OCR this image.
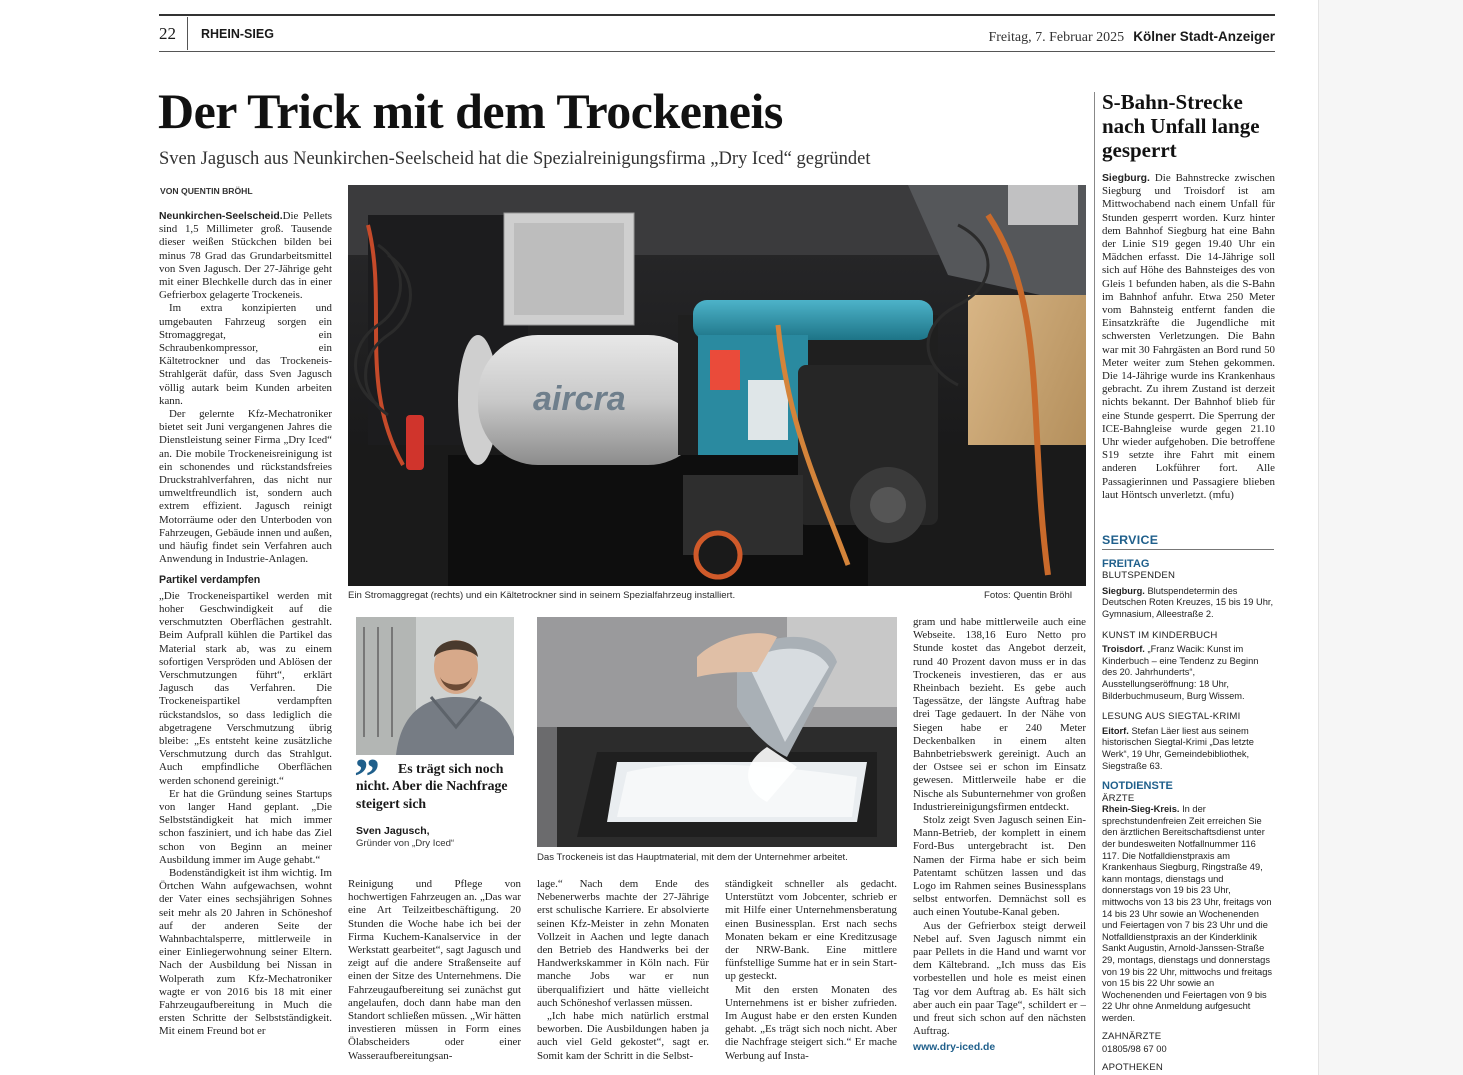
22 RHEIN-SIEG	Freitag, 7. Februar 2025 Kölner Stadt-Anzeiger
Der Trick mit dem Trockeneis
Sven Jagusch aus Neunkirchen-Seelscheid hat die Spezialreinigungsfirma „Dry Iced“ gegründet
VON QUENTIN BRÖHL

Neunkirchen-Seelscheid.Die Pellets sind 1,5 Millimeter groß. Tausende dieser weißen Stückchen bilden bei minus 78 Grad das Grundarbeitsmittel von Sven Jagusch. Der 27-Jährige geht mit einer Blechkelle durch das in einer Gefrierbox gelagerte Trockeneis.

Im extra konzipierten und umgebauten Fahrzeug sorgen ein Stromaggregat, ein Schraubenkompressor, ein Kältetrockner und das Trockeneis-Strahlgerät dafür, dass Sven Jagusch völlig autark beim Kunden arbeiten kann.

Der gelernte Kfz-Mechatroniker bietet seit Juni vergangenen Jahres die Dienstleistung seiner Firma „Dry Iced“ an. Die mobile Trockeneisreinigung ist ein schonendes und rückstandsfreies Druckstrahlverfahren, das nicht nur umweltfreundlich ist, sondern auch extrem effizient. Jagusch reinigt Motorräume oder den Unterboden von Fahrzeugen, Gebäude innen und außen, und häufig findet sein Verfahren auch Anwendung in Industrie-Anlagen.

Partikel verdampfen

„Die Trockeneispartikel werden mit hoher Geschwindigkeit auf die verschmutzten Oberflächen gestrahlt. Beim Aufprall kühlen die Partikel das Material stark ab, was zu einem sofortigen Verspröden und Ablösen der Verschmutzungen führt“, erklärt Jagusch das Verfahren. Die Trockeneispartikel verdampften rückstandslos, so dass lediglich die abgetragene Verschmutzung übrig bleibe: „Es entsteht keine zusätzliche Verschmutzung durch das Strahlgut. Auch empfindliche Oberflächen werden schonend gereinigt.“

Er hat die Gründung seines Startups von langer Hand geplant. „Die Selbstständigkeit hat mich immer schon fasziniert, und ich habe das Ziel schon von Beginn an meiner Ausbildung immer im Auge gehabt.“

Bodenständigkeit ist ihm wichtig. Im Örtchen Wahn aufgewachsen, wohnt der Vater eines sechsjährigen Sohnes seit mehr als 20 Jahren in Schöneshof auf der anderen Seite der Wahnbachtalsperre, mittlerweile in einer Einliegerwohnung seiner Eltern. Nach der Ausbildung bei Nissan in Wolperath zum Kfz-Mechatroniker wagte er von 2016 bis 18 mit einer Fahrzeugaufbereitung in Much die ersten Schritte der Selbstständigkeit. Mit einem Freund bot er

aircra
Ein Stromaggregat (rechts) und ein Kältetrockner sind in seinem Spezialfahrzeug installiert.	Fotos: Quentin Bröhl
”	Es trägt sich noch nicht. Aber die Nachfrage steigert sich
Sven Jagusch,
Gründer von „Dry Iced“
Das Trockeneis ist das Hauptmaterial, mit dem der Unternehmer arbeitet.

Reinigung und Pflege von hochwertigen Fahrzeugen an. „Das war eine Art Teilzeitbeschäftigung. 20 Stunden die Woche habe ich bei der Firma Kuchem-Kanalservice in der Werkstatt gearbeitet“, sagt Jagusch und zeigt auf die andere Straßenseite auf einen der Sitze des Unternehmens. Die Fahrzeugaufbereitung sei zunächst gut angelaufen, doch dann habe man den Standort schließen müssen. „Wir hätten investieren müssen in Form eines Ölabscheiders oder einer Wasseraufbereitungsan-

lage.“ Nach dem Ende des Nebenerwerbs machte der 27-Jährige erst schulische Karriere. Er absolvierte seinen Kfz-Meister in zehn Monaten Vollzeit in Aachen und legte danach den Betrieb des Handwerks bei der Handwerkskammer in Köln nach. Für manche Jobs war er nun überqualifiziert und hätte vielleicht auch Schöneshof verlassen müssen.

„Ich habe mich natürlich erstmal beworben. Die Ausbildungen haben ja auch viel Geld gekostet“, sagt er. Somit kam der Schritt in die Selbst-

ständigkeit schneller als gedacht. Unterstützt vom Jobcenter, schrieb er mit Hilfe einer Unternehmensberatung einen Businessplan. Erst nach sechs Monaten bekam er eine Kreditzusage der NRW-Bank. Eine mittlere fünfstellige Summe hat er in sein Start-up gesteckt.

Mit den ersten Monaten des Unternehmens ist er bisher zufrieden. Im August habe er den ersten Kunden gehabt. „Es trägt sich noch nicht. Aber die Nachfrage steigert sich.“ Er mache Werbung auf Insta-

gram und habe mittlerweile auch eine Webseite. 138,16 Euro Netto pro Stunde kostet das Angebot derzeit, rund 40 Prozent davon muss er in das Trockeneis investieren, das er aus Rheinbach bezieht. Es gebe auch Tagessätze, der längste Auftrag habe drei Tage gedauert. In der Nähe von Siegen habe er 240 Meter Deckenbalken in einem alten Bahnbetriebswerk gereinigt. Auch an der Ostsee sei er schon im Einsatz gewesen. Mittlerweile habe er die Nische als Subunternehmer von großen Industriereinigungsfirmen entdeckt.

Stolz zeigt Sven Jagusch seinen Ein-Mann-Betrieb, der komplett in einem Ford-Bus untergebracht ist. Den Namen der Firma habe er sich beim Patentamt schützen lassen und das Logo im Rahmen seines Businessplans selbst entworfen. Demnächst soll es auch einen Youtube-Kanal geben.

Aus der Gefrierbox steigt derweil Nebel auf. Sven Jagusch nimmt ein paar Pellets in die Hand und warnt vor dem Kältebrand. „Ich muss das Eis vorbestellen und hole es meist einen Tag vor dem Auftrag ab. Es hält sich aber auch ein paar Tage“, schildert er – und freut sich schon auf den nächsten Auftrag.

www.dry-iced.de

S-Bahn-Strecke nach Unfall lange gesperrt

Siegburg. Die Bahnstrecke zwischen Siegburg und Troisdorf ist am Mittwochabend nach einem Unfall für Stunden gesperrt worden. Kurz hinter dem Bahnhof Siegburg hat eine Bahn der Linie S19 gegen 19.40 Uhr ein Mädchen erfasst. Die 14-Jährige soll sich auf Höhe des Bahnsteiges des von Gleis 1 befunden haben, als die S-Bahn im Bahnhof anfuhr. Etwa 250 Meter vom Bahnsteig entfernt fanden die Einsatzkräfte die Jugendliche mit schwersten Verletzungen. Die Bahn war mit 30 Fahrgästen an Bord rund 50 Meter weiter zum Stehen gekommen. Die 14-Jährige wurde ins Krankenhaus gebracht. Zu ihrem Zustand ist derzeit nichts bekannt. Der Bahnhof blieb für eine Stunde gesperrt. Die Sperrung der ICE-Bahngleise wurde gegen 21.10 Uhr wieder aufgehoben. Die betroffene S19 setzte ihre Fahrt mit einem anderen Lokführer fort. Alle Passagierinnen und Passagiere blieben laut Höntsch unverletzt. (mfu)

SERVICE
FREITAG
BLUTSPENDEN

Siegburg. Blutspendetermin des Deutschen Roten Kreuzes, 15 bis 19 Uhr, Gymnasium, Alleestraße 2.

KUNST IM KINDERBUCH

Troisdorf. „Franz Wacik: Kunst im Kinderbuch – eine Tendenz zu Beginn des 20. Jahrhunderts“, Ausstellungseröffnung: 18 Uhr, Bilderbuchmuseum, Burg Wissem.

LESUNG AUS SIEGTAL-KRIMI

Eitorf. Stefan Läer liest aus seinem historischen Siegtal-Krimi „Das letzte Werk“, 19 Uhr, Gemeindebibliothek, Siegstraße 63.

NOTDIENSTE
ÄRZTE

Rhein-Sieg-Kreis. In der sprechstundenfreien Zeit erreichen Sie den ärztlichen Bereitschaftsdienst unter der bundesweiten Notfallnummer 116 117. Die Notfalldienstpraxis am Krankenhaus Siegburg, Ringstraße 49, kann montags, dienstags und donnerstags von 19 bis 23 Uhr, mittwochs von 13 bis 23 Uhr, freitags von 14 bis 23 Uhr sowie an Wochenenden und Feiertagen von 7 bis 23 Uhr und die Notfalldienstpraxis an der Kinderklinik Sankt Augustin, Arnold-Janssen-Straße 29, montags, dienstags und donnerstags von 19 bis 22 Uhr, mittwochs und freitags von 15 bis 22 Uhr sowie an Wochenenden und Feiertagen von 9 bis 22 Uhr ohne Anmeldung aufgesucht werden.

ZAHNÄRZTE

01805/98 67 00

APOTHEKEN
